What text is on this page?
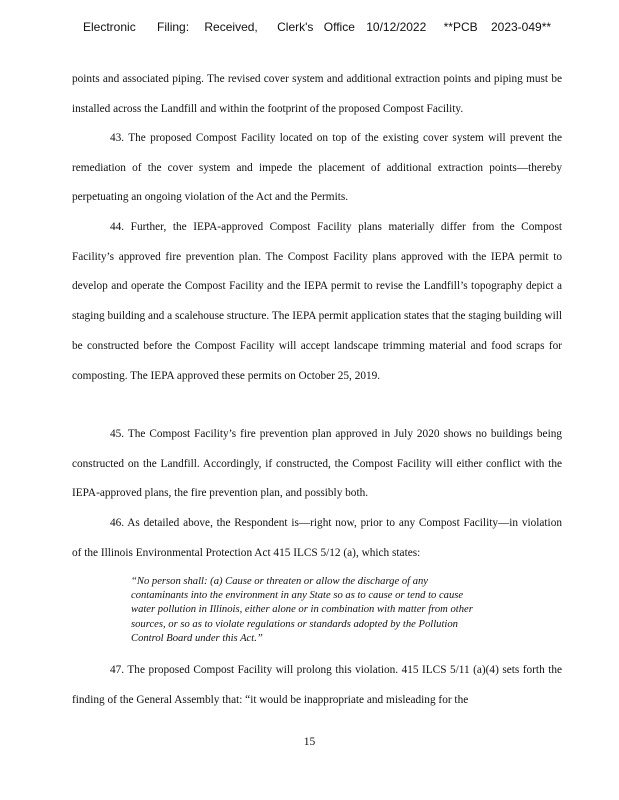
Electronic Filing: Received, Clerk's Office 10/12/2022 **PCB 2023-049**

points and associated piping. The revised cover system and additional extraction points and piping must be installed across the Landfill and within the footprint of the proposed Compost Facility.

43. The proposed Compost Facility located on top of the existing cover system will prevent the remediation of the cover system and impede the placement of additional extraction points—thereby perpetuating an ongoing violation of the Act and the Permits.

44. Further, the IEPA-approved Compost Facility plans materially differ from the Compost Facility’s approved fire prevention plan. The Compost Facility plans approved with the IEPA permit to develop and operate the Compost Facility and the IEPA permit to revise the Landfill’s topography depict a staging building and a scalehouse structure. The IEPA permit application states that the staging building will be constructed before the Compost Facility will accept landscape trimming material and food scraps for composting. The IEPA approved these permits on October 25, 2019.

45. The Compost Facility’s fire prevention plan approved in July 2020 shows no buildings being constructed on the Landfill. Accordingly, if constructed, the Compost Facility will either conflict with the IEPA-approved plans, the fire prevention plan, and possibly both.

46. As detailed above, the Respondent is—right now, prior to any Compost Facility—in violation of the Illinois Environmental Protection Act 415 ILCS 5/12 (a), which states:

“No person shall: (a) Cause or threaten or allow the discharge of any contaminants into the environment in any State so as to cause or tend to cause water pollution in Illinois, either alone or in combination with matter from other sources, or so as to violate regulations or standards adopted by the Pollution Control Board under this Act.”

47. The proposed Compost Facility will prolong this violation. 415 ILCS 5/11 (a)(4) sets forth the finding of the General Assembly that: “it would be inappropriate and misleading for the

15
